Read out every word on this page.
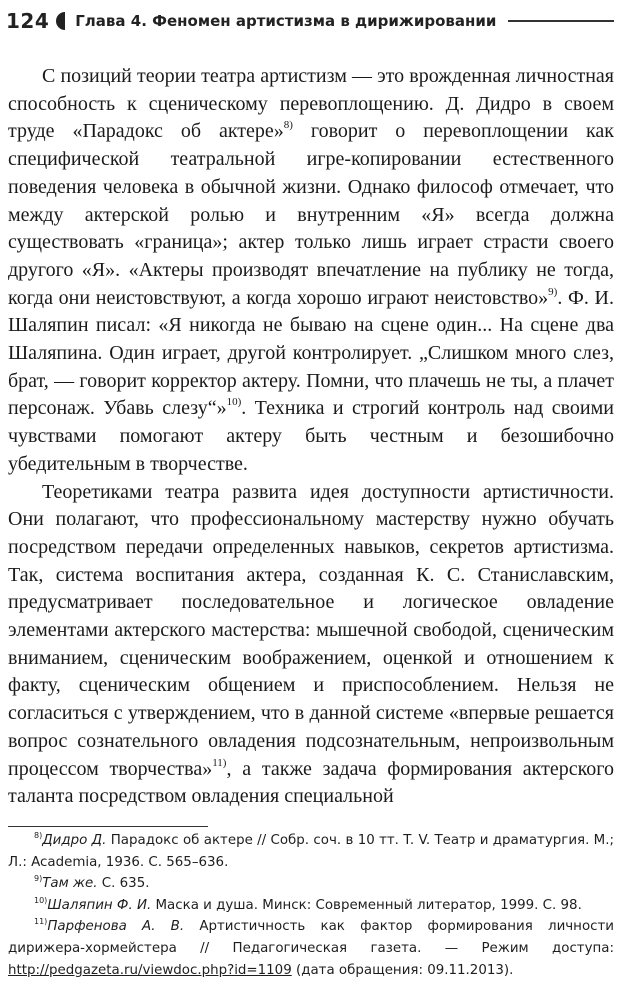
124 Глава 4. Феномен артистизма в дирижировании

С позиций теории театра артистизм — это врожденная личностная способность к сценическому перевоплощению. Д. Дидро в своем труде «Парадокс об актере»$^{8)}$ говорит о перевоплощении как специфической театральной игре-копировании естественного поведения человека в обычной жизни. Однако философ отмечает, что между актерской ролью и внутренним «Я» всегда должна существовать «граница»; актер только лишь играет страсти своего другого «Я». «Актеры производят впечатление на публику не тогда, когда они неистовствуют, а когда хорошо играют неистовство»$^{9)}$. Ф. И. Шаляпин писал: «Я никогда не бываю на сцене один... На сцене два Шаляпина. Один играет, другой контролирует. „Слишком много слез, брат, — говорит корректор актеру. Помни, что плачешь не ты, а плачет персонаж. Убавь слезу“»$^{10)}$. Техника и строгий контроль над своими чувствами помогают актеру быть честным и безошибочно убедительным в творчестве.

Теоретиками театра развита идея доступности артистичности. Они полагают, что профессиональному мастерству нужно обучать посредством передачи определенных навыков, секретов артистизма. Так, система воспитания актера, созданная К. С. Станиславским, предусматривает последовательное и логическое овладение элементами актерского мастерства: мышечной свободой, сценическим вниманием, сценическим воображением, оценкой и отношением к факту, сценическим общением и приспособлением. Нельзя не согласиться с утверждением, что в данной системе «впервые решается вопрос сознательного овладения подсознательным, непроизвольным процессом творчества»$^{11)}$, а также задача формирования актерского таланта посредством овладения специальной

$^{8)}$Дидро Д. Парадокс об актере // Собр. соч. в 10 тт. T. V. Театр и драматургия. М.; Л.: Academia, 1936. С. 565–636.

$^{9)}$Там же. С. 635.

$^{10)}$Шаляпин Ф. И. Маска и душа. Минск: Современный литератор, 1999. С. 98.

$^{11)}$Парфенова А. В. Артистичность как фактор формирования личности дирижера-хормейстера // Педагогическая газета. — Режим доступа: http://pedgazeta.ru/viewdoc.php?id=1109 (дата обращения: 09.11.2013).
